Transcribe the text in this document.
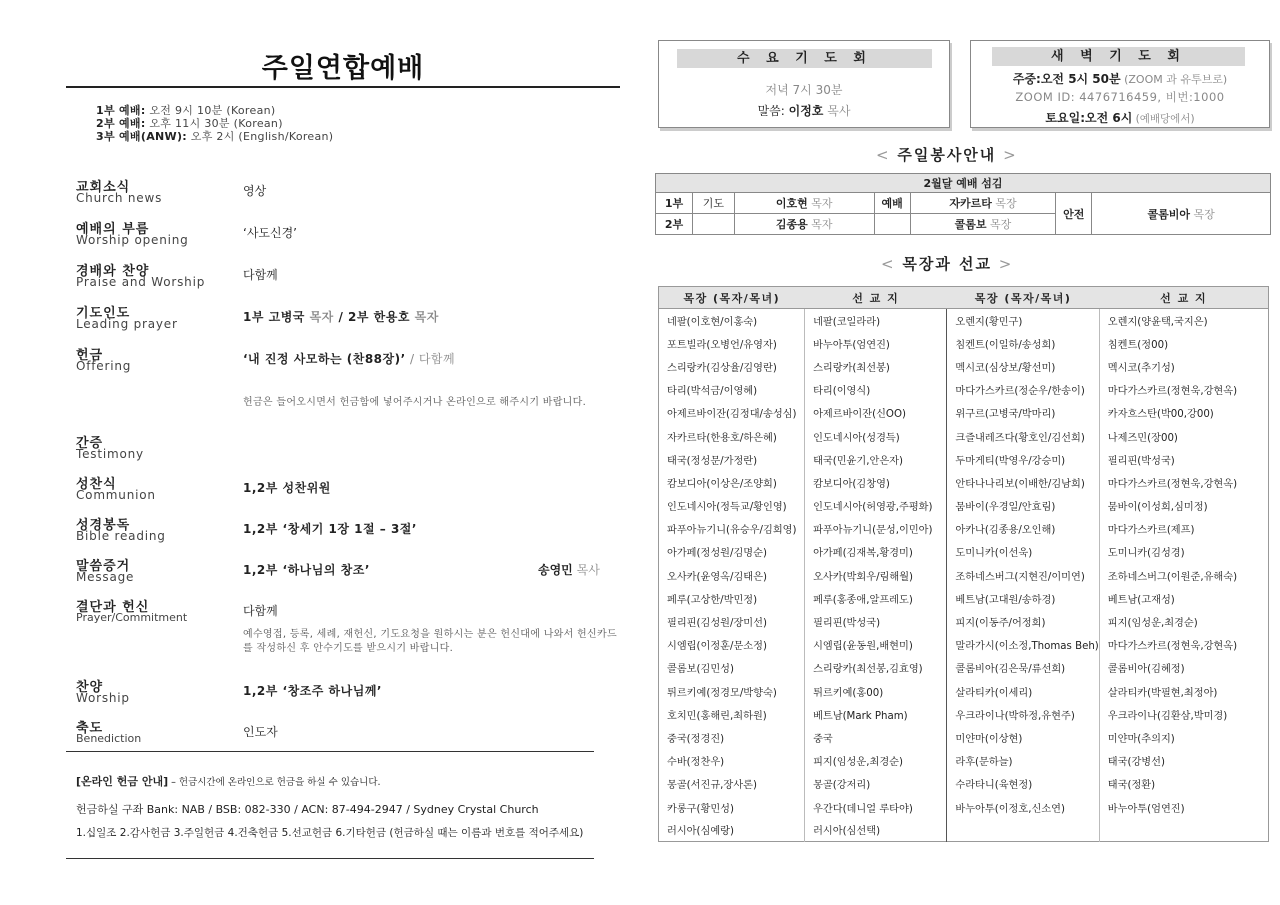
주일연합예배
1부 예배: 오전 9시 10분 (Korean)
2부 예배: 오후 11시 30분 (Korean)
3부 예배(ANW): 오후 2시 (English/Korean)
교회소식
Church news	영상
예배의 부름
Worship opening	‘사도신경’
경배와 찬양
Praise and Worship	다함께
기도인도
Leading prayer	1부 고병국 목자 / 2부 한용호 목자
헌금
Offering	‘내 진정 사모하는 (찬88장)’ / 다함께
헌금은 들어오시면서 헌금함에 넣어주시거나 온라인으로 해주시기 바랍니다.
간증
Testimony
성찬식
Communion	1,2부 성찬위원
성경봉독
Bible reading	1,2부 ‘창세기 1장 1절 – 3절’
말씀증거
Message	1,2부 ‘하나님의 창조’	송영민 목사
결단과 헌신
Prayer/Commitment	다함께
예수영접, 등록, 세례, 재헌신, 기도요청을 원하시는 분은 헌신대에 나와서 헌신카드를 작성하신 후 안수기도를 받으시기 바랍니다.
찬양
Worship	1,2부 ‘창조주 하나님께’
축도
Benediction	인도자
[온라인 헌금 안내] – 헌금시간에 온라인으로 헌금을 하실 수 있습니다.
헌금하실 구좌 Bank: NAB / BSB: 082-330 / ACN: 87-494-2947 / Sydney Crystal Church
1.십일조 2.감사헌금 3.주일헌금 4.건축헌금 5.선교헌금 6.기타헌금 (헌금하실 때는 이름과 번호를 적어주세요)
수 요 기 도 회
저녁 7시 30분
말씀: 이정호 목사
새 벽 기 도 회
주중:오전 5시 50분 (ZOOM 과 유투브로)
ZOOM ID: 4476716459, 비번:1000
토요일:오전 6시 (예배당에서)
< 주일봉사안내 >
2월달 예배 섬김						
1부	기도	이호현 목자	예배	자카르타 목장	안전	콜롬비아 목장
2부		김종용 목자		콜롬보 목장		
< 목장과 선교 >
목장 (목자/목녀)	선 교 지	목장 (목자/목녀)	선 교 지
네팔(이호현/이홍숙)	네팔(코일라라)	오렌지(황민구)	오렌지(양윤택,국지은)
포트빌라(오병언/유영자)	바누아투(엄연진)	침켄트(이일하/송성희)	침켄트(정00)
스리랑카(김상율/김영란)	스리랑카(최선봉)	멕시코(심상보/황선미)	멕시코(추기성)
타리(박석금/이영혜)	타리(이영식)	마다가스카르(정순우/한송이)	마다가스카르(정현욱,강현옥)
아제르바이잔(김정대/송성심)	아제르바이잔(신OO)	위구르(고병국/박마리)	카자흐스탄(박00,강00)
자카르타(한용호/하은혜)	인도네시아(성경득)	크즐내레즈다(황호인/김선희)	나제즈민(장00)
태국(정성문/가정란)	태국(민윤기,안은자)	두마게티(박영우/강승미)	필리핀(박성국)
캄보디아(이상은/조양희)	캄보디아(김창영)	안타나나리보(이배한/김남희)	마다가스카르(정현욱,강현옥)
인도네시아(정득교/황인영)	인도네시아(허영광,주평화)	뭄바이(우경일/안효림)	뭄바이(이성희,심미정)
파푸아뉴기니(유승우/김희영)	파푸아뉴기니(문성,이민아)	아카나(김종용/오인해)	마다가스카르(제프)
아가페(정성원/김명순)	아가페(김재복,황경미)	도미니카(이선욱)	도미니카(김성경)
오사카(윤영옥/김태은)	오사카(박회우/림해월)	조하네스버그(지현진/이미연)	조하네스버그(이원준,유해숙)
페루(고상한/박민정)	페루(홍종애,알프레도)	베트남(고대원/송하경)	베트남(고재성)
필리핀(김성원/장미선)	필리핀(박성국)	피지(이동주/어정희)	피지(임성운,최경순)
시엠립(이정훈/문소정)	시엠립(윤동원,배현미)	말라가시(이소정,Thomas Beh)	마다가스카르(정현욱,강현옥)
콜롬보(김민성)	스리랑카(최선봉,김효영)	콜롬비아(김은묵/류선희)	콜롬비아(김혜정)
튀르키예(정경모/박향숙)	튀르키예(홍00)	살라티카(이세리)	살라티카(박필현,최정아)
호치민(홍해린,최하원)	베트남(Mark Pham)	우크라이나(박하정,유현주)	우크라이나(김환삼,박미경)
중국(정경진)	중국	미얀마(이상현)	미얀마(추의지)
수바(정찬우)	피지(임성운,최경순)	라후(문하늘)	태국(강병선)
몽골(서진규,장사론)	몽골(강저리)	수라타니(육현정)	태국(정환)
카롱구(황민성)	우간다(데니얼 루타야)	바누아투(이정호,신소연)	바누아투(엄연진)
러시아(심예랑)	러시아(심선택)		
